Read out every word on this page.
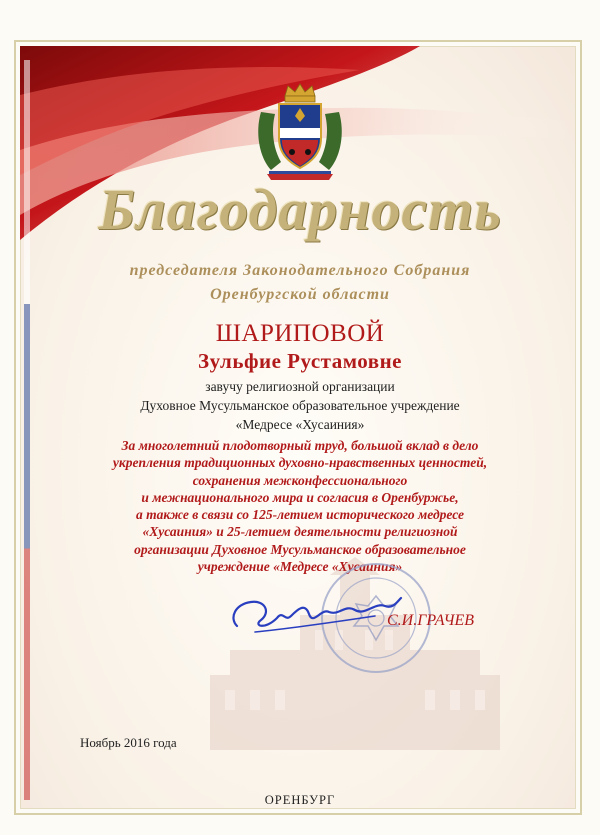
Благодарность
председателя Законодательного Собрания
Оренбургской области
ШАРИПОВОЙ
Зульфие Рустамовне
завучу религиозной организации
Духовное Мусульманское образовательное учреждение
«Медресе «Хусаиния»
За многолетний плодотворный труд, большой вклад в дело
укрепления традиционных духовно-нравственных ценностей,
сохранения межконфессионального
и межнационального мира и согласия в Оренбуржье,
а также в связи со 125-летием исторического медресе
«Хусаиния» и 25-летием деятельности религиозной
организации Духовное Мусульманское образовательное
учреждение «Медресе «Хусаиния»
С.И.ГРАЧЕВ
Ноябрь 2016 года
ОРЕНБУРГ
